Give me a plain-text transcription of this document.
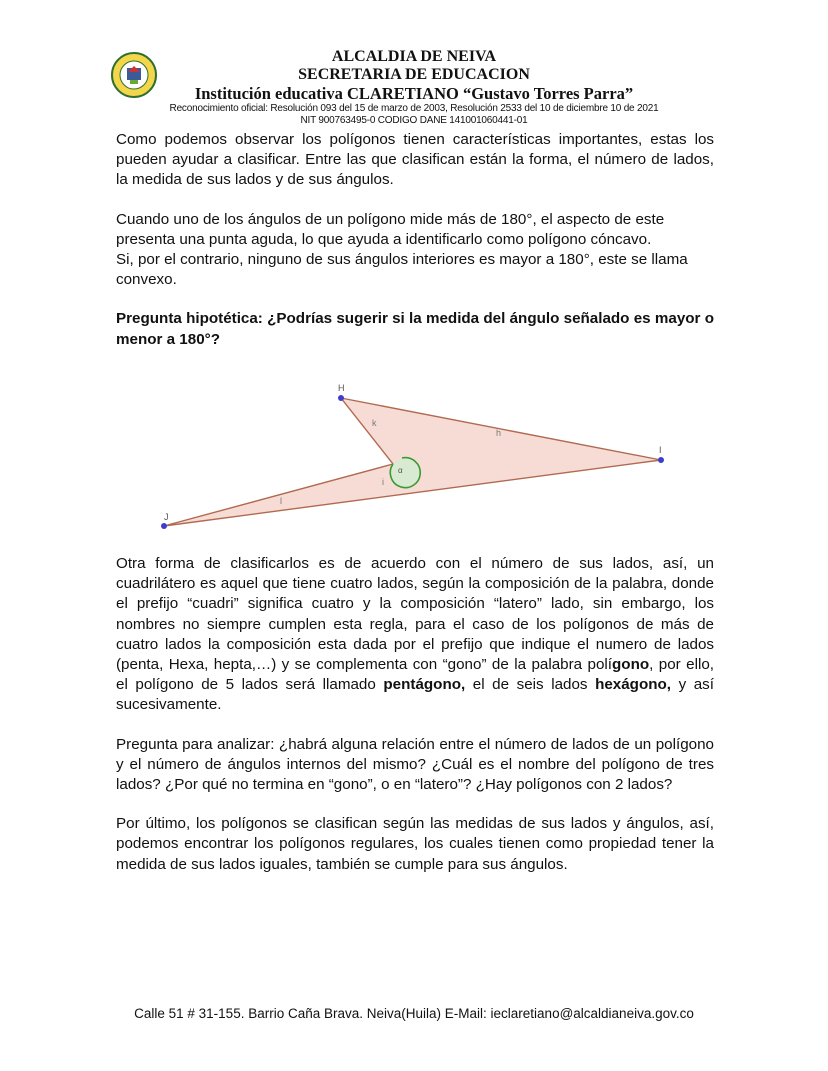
ALCALDIA DE NEIVA
SECRETARIA DE EDUCACION
Institución educativa CLARETIANO “Gustavo Torres Parra”
Reconocimiento oficial: Resolución 093 del 15 de marzo de 2003, Resolución 2533 del 10 de diciembre 10 de 2021
NIT 900763495-0 CODIGO DANE 141001060441-01

Como podemos observar los polígonos tienen características importantes, estas los pueden ayudar a clasificar. Entre las que clasifican están la forma, el número de lados, la medida de sus lados y de sus ángulos.

Cuando uno de los ángulos de un polígono mide más de 180°, el aspecto de este presenta una punta aguda, lo que ayuda a identificarlo como polígono cóncavo.

Si, por el contrario, ninguno de sus ángulos interiores es mayor a 180°, este se llama convexo.

Pregunta hipotética: ¿Podrías sugerir si la medida del ángulo señalado es mayor o menor a 180°?

H
I
J
k
h
l
i
α

Otra forma de clasificarlos es de acuerdo con el número de sus lados, así, un cuadrilátero es aquel que tiene cuatro lados, según la composición de la palabra, donde el prefijo “cuadri” significa cuatro y la composición “latero” lado, sin embargo, los nombres no siempre cumplen esta regla, para el caso de los polígonos de más de cuatro lados la composición esta dada por el prefijo que indique el numero de lados (penta, Hexa, hepta,…) y se complementa con “gono” de la palabra polígono, por ello, el polígono de 5 lados será llamado pentágono, el de seis lados hexágono, y así sucesivamente.

Pregunta para analizar: ¿habrá alguna relación entre el número de lados de un polígono y el número de ángulos internos del mismo? ¿Cuál es el nombre del polígono de tres lados? ¿Por qué no termina en “gono”, o en “latero”? ¿Hay polígonos con 2 lados?

Por último, los polígonos se clasifican según las medidas de sus lados y ángulos, así, podemos encontrar los polígonos regulares, los cuales tienen como propiedad tener la medida de sus lados iguales, también se cumple para sus ángulos.

Calle 51 # 31-155. Barrio Caña Brava. Neiva(Huila) E-Mail: ieclaretiano@alcaldianeiva.gov.co
